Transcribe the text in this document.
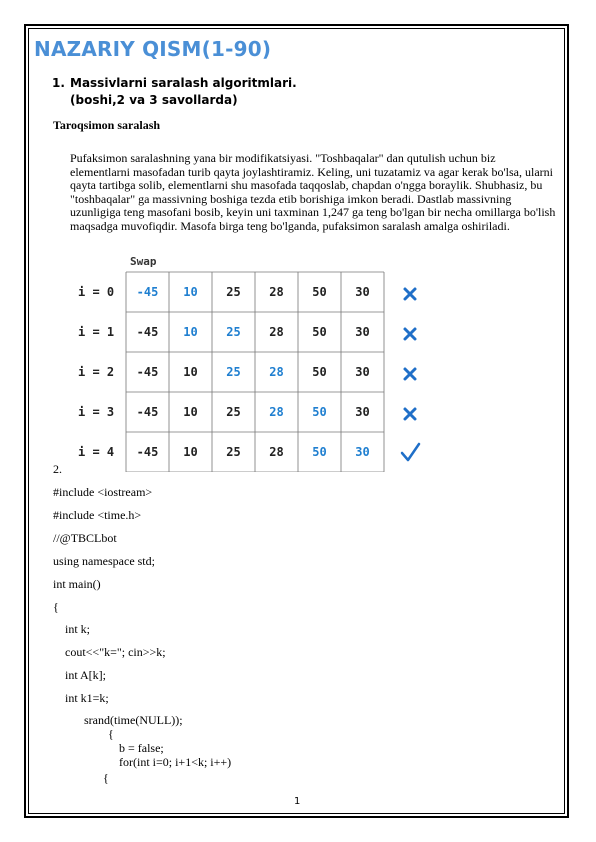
NAZARIY QISM(1-90)
1. Massivlarni saralash algoritmlari.
(boshi,2 va 3 savollarda)
Taroqsimon saralash
Pufaksimon saralashning yana bir modifikatsiyasi. "Toshbaqalar" dan qutulish uchun biz
elementlarni masofadan turib qayta joylashtiramiz. Keling, uni tuzatamiz va agar kerak bo'lsa, ularni
qayta tartibga solib, elementlarni shu masofada taqqoslab, chapdan o'ngga boraylik. Shubhasiz, bu
"toshbaqalar" ga massivning boshiga tezda etib borishiga imkon beradi. Dastlab massivning
uzunligiga teng masofani bosib, keyin uni taxminan 1,247 ga teng bo'lgan bir necha omillarga bo'lish
maqsadga muvofiqdir. Masofa birga teng bo'lganda, pufaksimon saralash amalga oshiriladi.
Swap
i = 0 -45 10 25 28 50 30
i = 1 -45 10 25 28 50 30
i = 2 -45 10 25 28 50 30
i = 3 -45 10 25 28 50 30
i = 4 -45 10 25 28 50 30
2.
#include <iostream>
#include <time.h>
//@TBCLbot
using namespace std;
int main()
{
int k;
cout<<"k="; cin>>k;
int A[k];
int k1=k;
srand(time(NULL));
{
b = false;
for(int i=0; i+1<k; i++)
{
1
